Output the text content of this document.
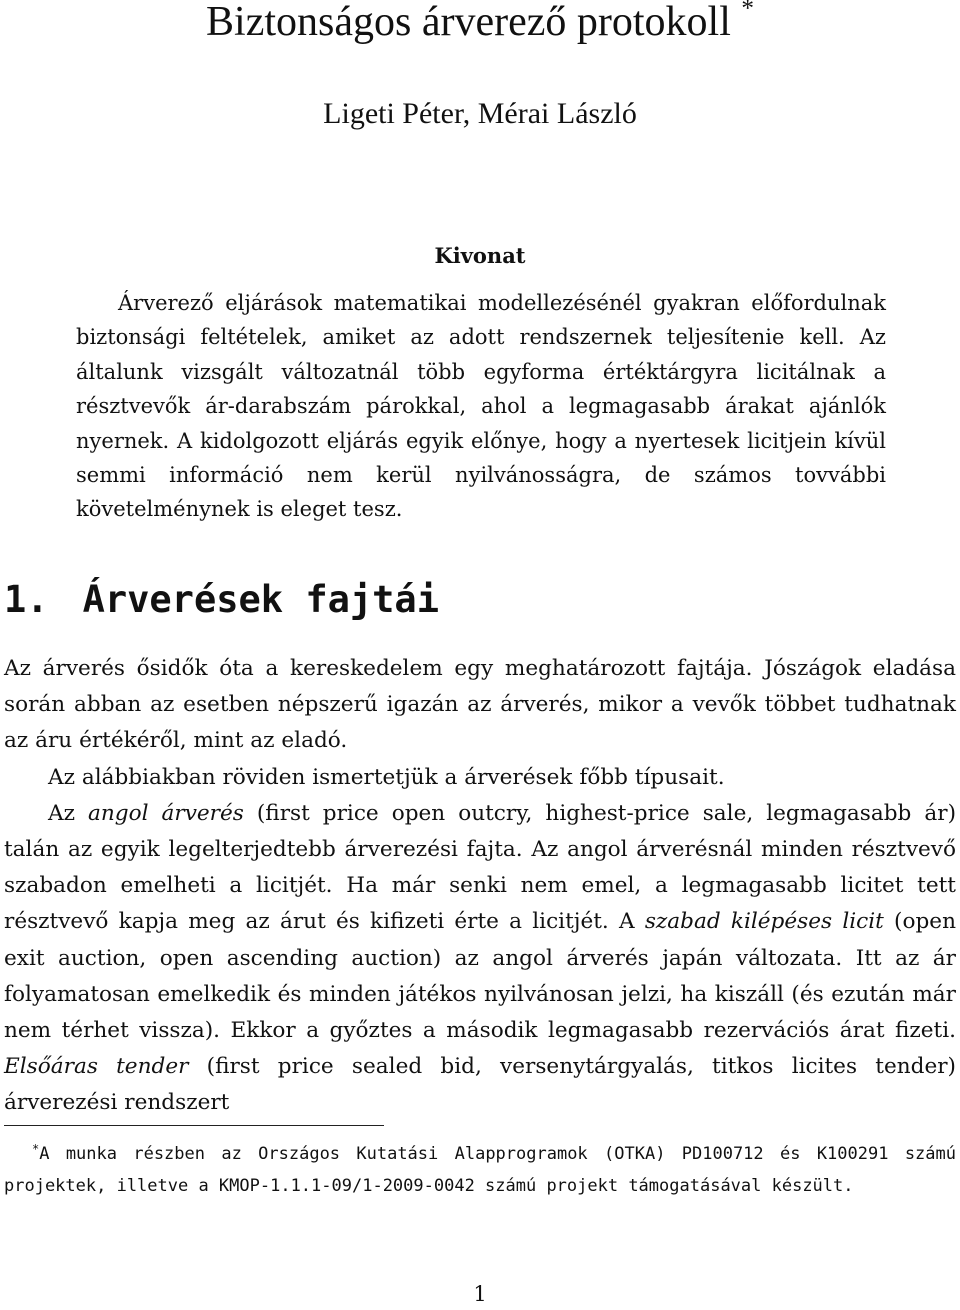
Biztonságos árverező protokoll *
Ligeti Péter, Mérai László
Kivonat

Árverező eljárások matematikai modellezésénél gyakran előfordulnak biztonsági feltételek, amiket az adott rendszernek teljesítenie kell. Az általunk vizsgált változatnál több egyforma értéktárgyra licitálnak a résztvevők ár-darabszám párokkal, ahol a legmagasabb árakat ajánlók nyernek. A kidolgozott eljárás egyik előnye, hogy a nyertesek licitjein kívül semmi információ nem kerül nyilvánosságra, de számos tovvábbi követelménynek is eleget tesz.

1. Árverések fajtái

Az árverés ősidők óta a kereskedelem egy meghatározott fajtája. Jószágok eladása során abban az esetben népszerű igazán az árverés, mikor a vevők többet tudhatnak az áru értékéről, mint az eladó.

Az alábbiakban röviden ismertetjük a árverések főbb típusait.

Az angol árverés (first price open outcry, highest-price sale, legmagasabb ár) talán az egyik legelterjedtebb árverezési fajta. Az angol árverésnál minden résztvevő szabadon emelheti a licitjét. Ha már senki nem emel, a legmagasabb licitet tett résztvevő kapja meg az árut és kifizeti érte a licitjét. A szabad kilépéses licit (open exit auction, open ascending auction) az angol árverés japán változata. Itt az ár folyamatosan emelkedik és minden játékos nyilvánosan jelzi, ha kiszáll (és ezután már nem térhet vissza). Ekkor a győztes a második legmagasabb rezervációs árat fizeti. Elsőáras tender (first price sealed bid, versenytárgyalás, titkos licites tender) árverezési rendszert

*A munka részben az Országos Kutatási Alapprogramok (OTKA) PD100712 és K100291 számú projektek, illetve a KMOP-1.1.1-09/1-2009-0042 számú projekt támogatásával készült.
1
